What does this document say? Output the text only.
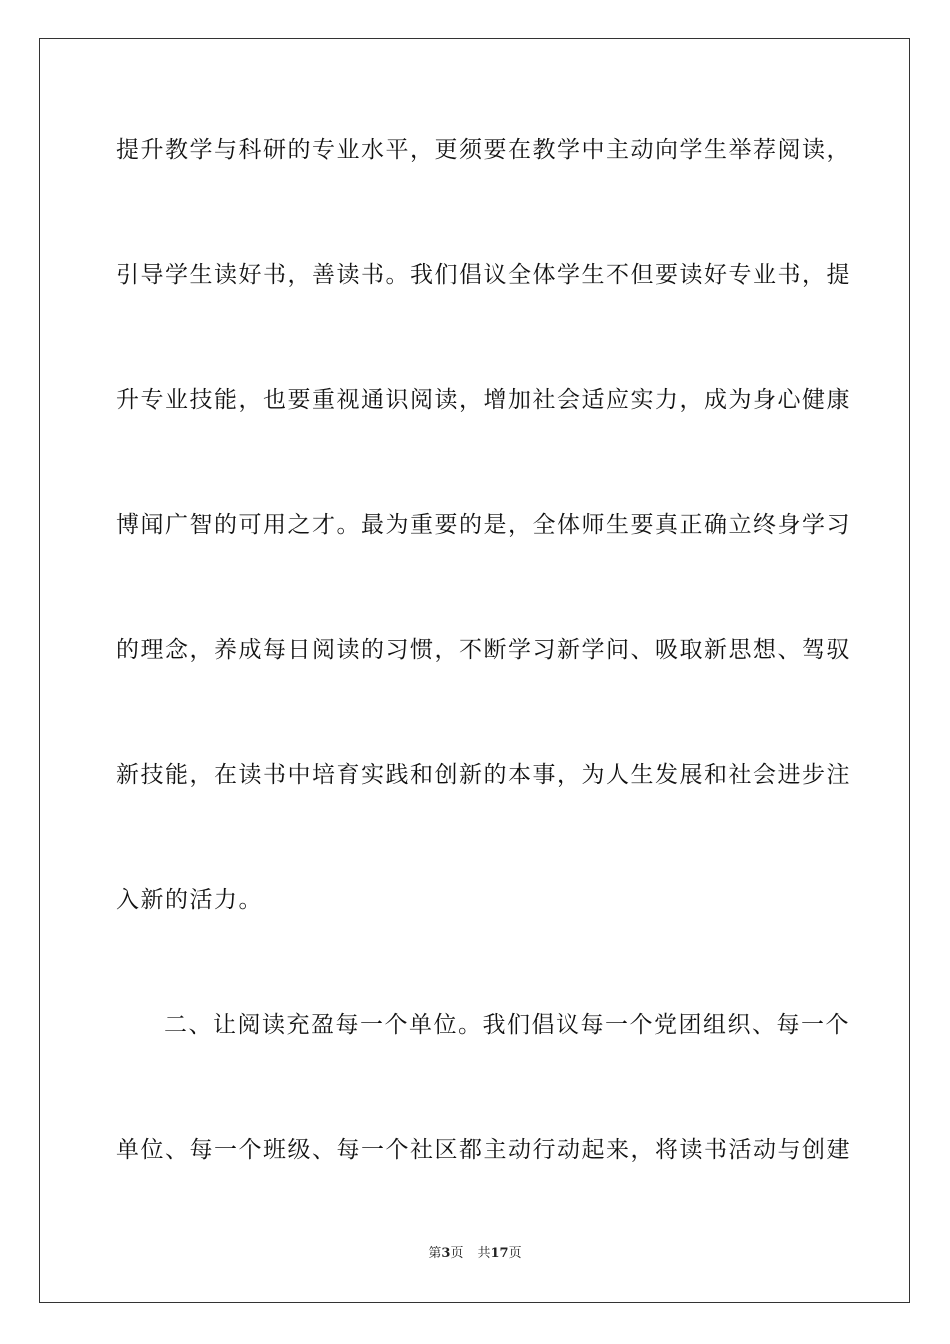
提升教学与科研的专业水平，更须要在教学中主动向学生举荐阅读，
引导学生读好书，善读书。我们倡议全体学生不但要读好专业书，提
升专业技能，也要重视通识阅读，增加社会适应实力，成为身心健康
博闻广智的可用之才。最为重要的是，全体师生要真正确立终身学习
的理念，养成每日阅读的习惯，不断学习新学问、吸取新思想、驾驭
新技能，在读书中培育实践和创新的本事，为人生发展和社会进步注
入新的活力。
二、让阅读充盈每一个单位。我们倡议每一个党团组织、每一个
单位、每一个班级、每一个社区都主动行动起来，将读书活动与创建
第3页 共17页
